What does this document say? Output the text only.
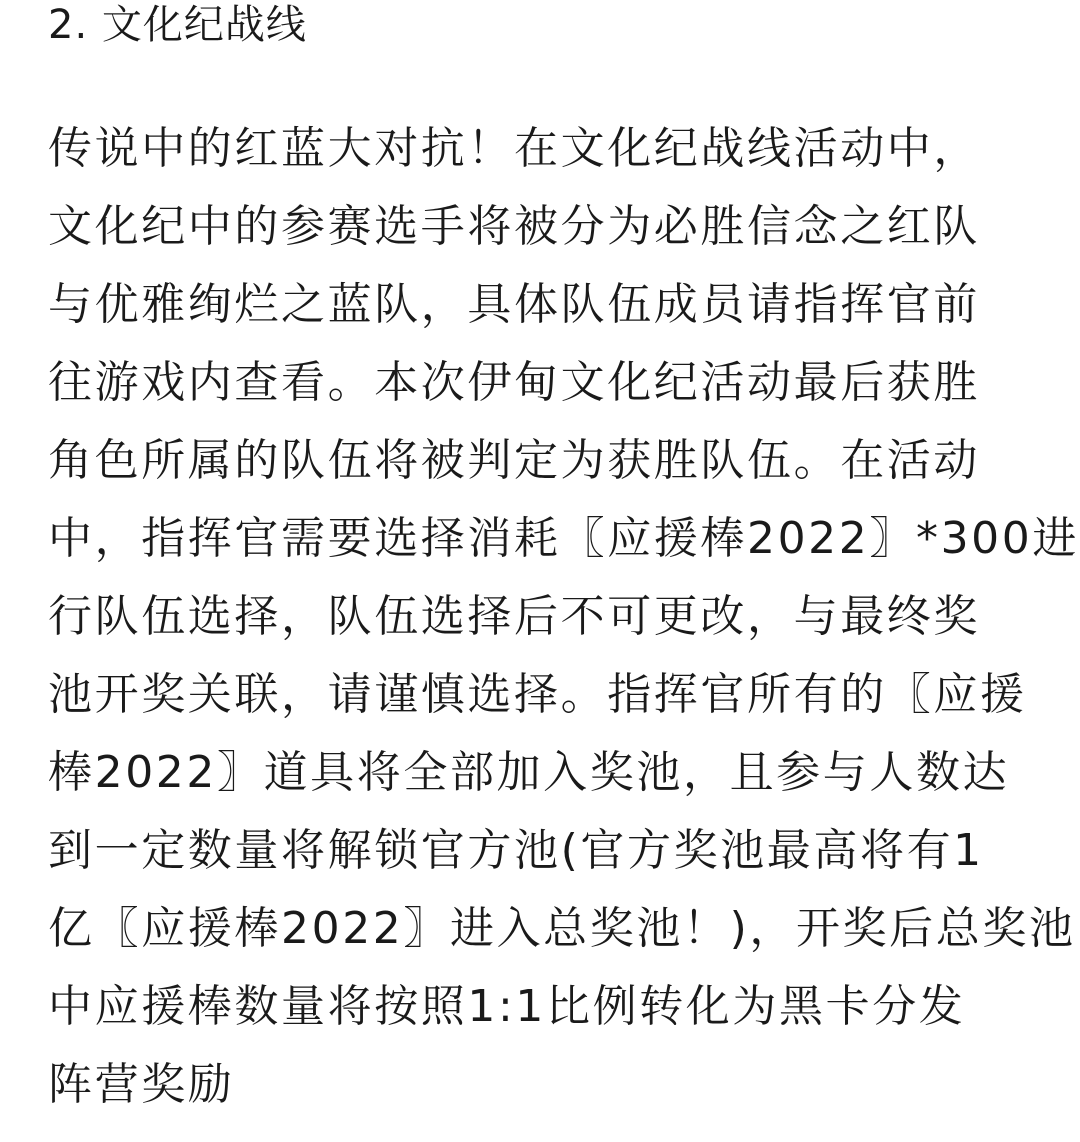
2. 文化纪战线
传说中的红蓝大对抗！在文化纪战线活动中，
文化纪中的参赛选手将被分为必胜信念之红队
与优雅绚烂之蓝队，具体队伍成员请指挥官前
往游戏内查看。本次伊甸文化纪活动最后获胜
角色所属的队伍将被判定为获胜队伍。在活动
中，指挥官需要选择消耗〖应援棒2022〗*300进
行队伍选择，队伍选择后不可更改，与最终奖
池开奖关联，请谨慎选择。指挥官所有的〖应援
棒2022〗道具将全部加入奖池，且参与人数达
到一定数量将解锁官方池(官方奖池最高将有1
亿〖应援棒2022〗进入总奖池！)，开奖后总奖池
中应援棒数量将按照1:1比例转化为黑卡分发
阵营奖励
